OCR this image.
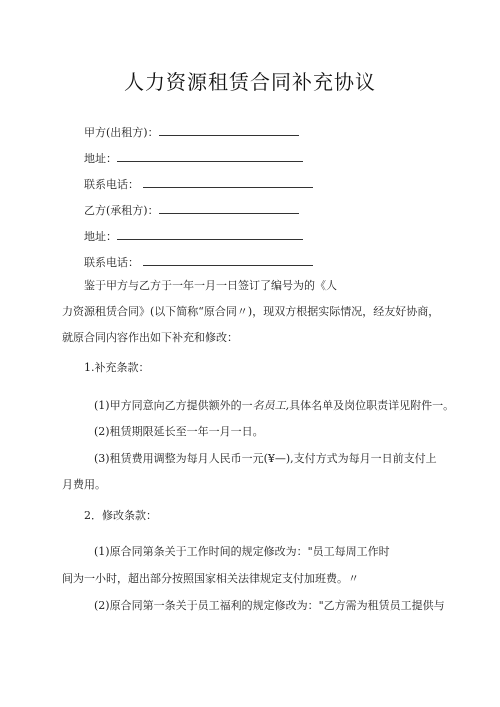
人力资源租赁合同补充协议
甲方(出租方)：
地址：
联系电话：
乙方(承租方)：
地址：
联系电话：
鉴于甲方与乙方于一年一月一日签订了编号为的《人
力资源租赁合同》(以下简称“原合同〃)，现双方根据实际情况，经友好协商，
就原合同内容作出如下补充和修改：
1.补充条款：
(1)甲方同意向乙方提供额外的一名员工,具体名单及岗位职责详见附件一。
(2)租赁期限延长至一年一月一日。
(3)租赁费用调整为每月人民币一元(¥—),支付方式为每月一日前支付上
月费用。
2．修改条款：
(1)原合同第条关于工作时间的规定修改为："员工每周工作时
间为一小时，超出部分按照国家相关法律规定支付加班费。〃
(2)原合同第一条关于员工福利的规定修改为："乙方需为租赁员工提供与
